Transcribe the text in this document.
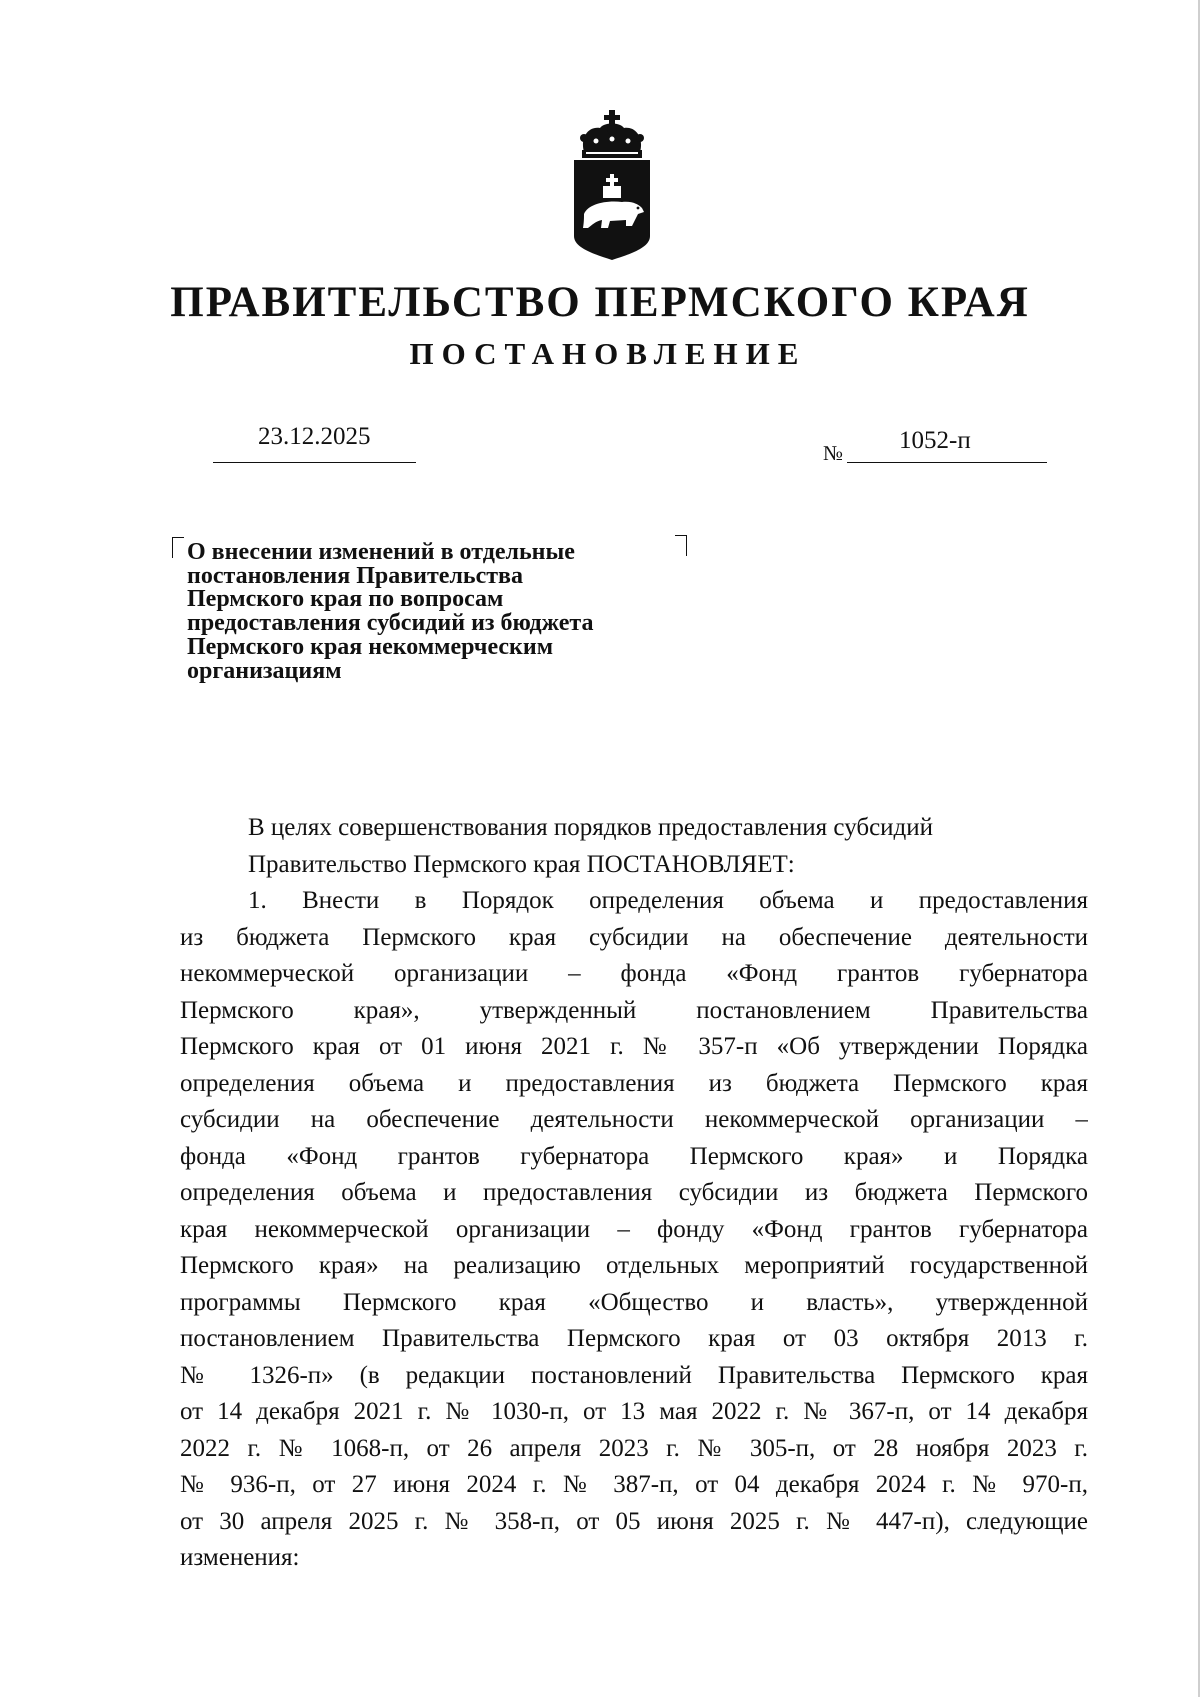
ПРАВИТЕЛЬСТВО ПЕРМСКОГО КРАЯ
ПОСТАНОВЛЕНИЕ
23.12.2025
№ 1052-п
О внесении изменений в отдельные
постановления Правительства
Пермского края по вопросам
предоставления субсидий из бюджета
Пермского края некоммерческим
организациям
В целях совершенствования порядков предоставления субсидий
Правительство Пермского края ПОСТАНОВЛЯЕТ:
1. Внести в Порядок определения объема и предоставления
из бюджета Пермского края субсидии на обеспечение деятельности
некоммерческой организации – фонда «Фонд грантов губернатора
Пермского края», утвержденный постановлением Правительства
Пермского края от 01 июня 2021 г. № 357-п «Об утверждении Порядка
определения объема и предоставления из бюджета Пермского края
субсидии на обеспечение деятельности некоммерческой организации –
фонда «Фонд грантов губернатора Пермского края» и Порядка
определения объема и предоставления субсидии из бюджета Пермского
края некоммерческой организации – фонду «Фонд грантов губернатора
Пермского края» на реализацию отдельных мероприятий государственной
программы Пермского края «Общество и власть», утвержденной
постановлением Правительства Пермского края от 03 октября 2013 г.
№ 1326-п» (в редакции постановлений Правительства Пермского края
от 14 декабря 2021 г. № 1030-п, от 13 мая 2022 г. № 367-п, от 14 декабря
2022 г. № 1068-п, от 26 апреля 2023 г. № 305-п, от 28 ноября 2023 г.
№ 936-п, от 27 июня 2024 г. № 387-п, от 04 декабря 2024 г. № 970-п,
от 30 апреля 2025 г. № 358-п, от 05 июня 2025 г. № 447-п), следующие
изменения:
